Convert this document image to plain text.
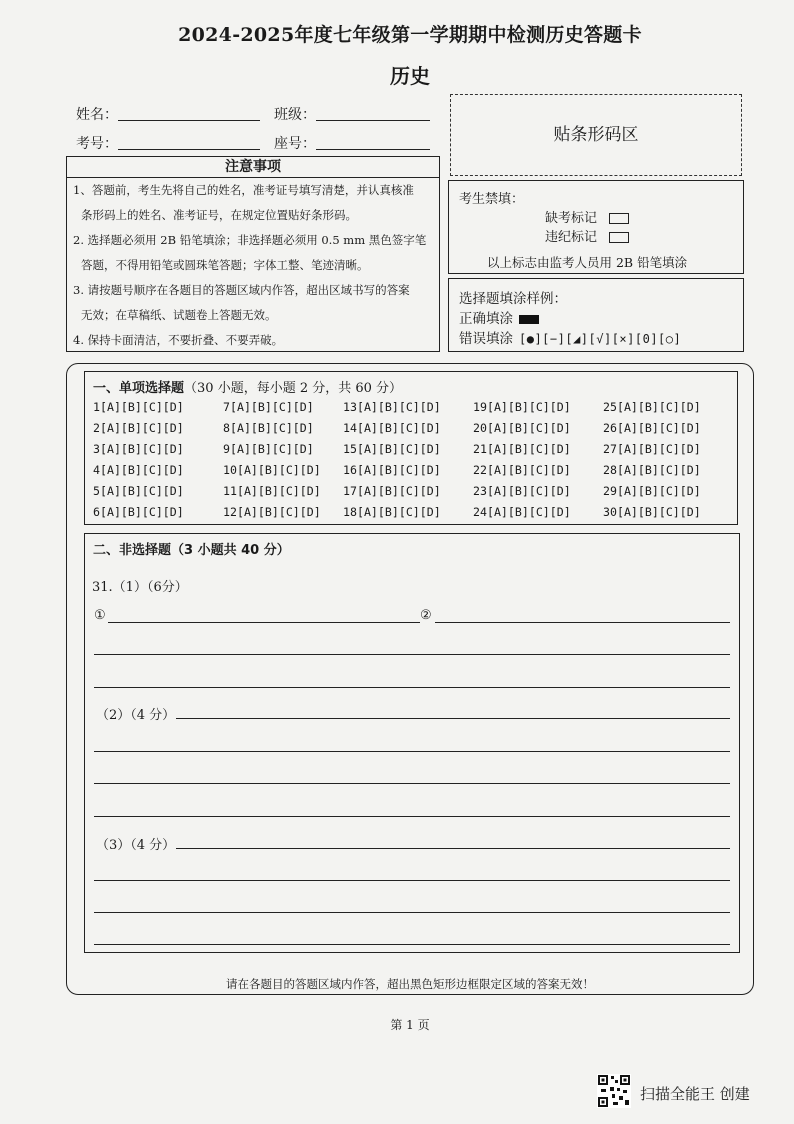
2024-2025年度七年级第一学期期中检测历史答题卡
历史
姓名：	班级：
考号：	座号：	贴条形码区
注意事项

1、答题前，考生先将自己的姓名，准考证号填写清楚，并认真核准

条形码上的姓名、准考证号，在规定位置贴好条形码。

2. 选择题必须用 2B 铅笔填涂；非选择题必须用 0.5 mm 黑色签字笔

答题，不得用铅笔或圆珠笔答题；字体工整、笔迹清晰。

3. 请按题号顺序在各题目的答题区域内作答，超出区域书写的答案

无效；在草稿纸、试题卷上答题无效。

4. 保持卡面清洁，不要折叠、不要弄破。

考生禁填：
缺考标记
违纪标记
以上标志由监考人员用 2B 铅笔填涂
选择题填涂样例：
正确填涂
错误填涂 [●][−][◢][√][×][0][○]
一、单项选择题（30 小题，每小题 2 分，共 60 分）
1[A][B][C][D]
2[A][B][C][D]
3[A][B][C][D]
4[A][B][C][D]
5[A][B][C][D]
6[A][B][C][D]
7[A][B][C][D]
8[A][B][C][D]
9[A][B][C][D]
10[A][B][C][D]
11[A][B][C][D]
12[A][B][C][D]
13[A][B][C][D]
14[A][B][C][D]
15[A][B][C][D]
16[A][B][C][D]
17[A][B][C][D]
18[A][B][C][D]
19[A][B][C][D]
20[A][B][C][D]
21[A][B][C][D]
22[A][B][C][D]
23[A][B][C][D]
24[A][B][C][D]
25[A][B][C][D]
26[A][B][C][D]
27[A][B][C][D]
28[A][B][C][D]
29[A][B][C][D]
30[A][B][C][D]
二、非选择题（3 小题共 40 分）
31.（1）（6分）
①	②
（2）（4 分）
（3）（4 分）
请在各题目的答题区域内作答，超出黑色矩形边框限定区域的答案无效！
第 1 页
扫描全能王 创建
